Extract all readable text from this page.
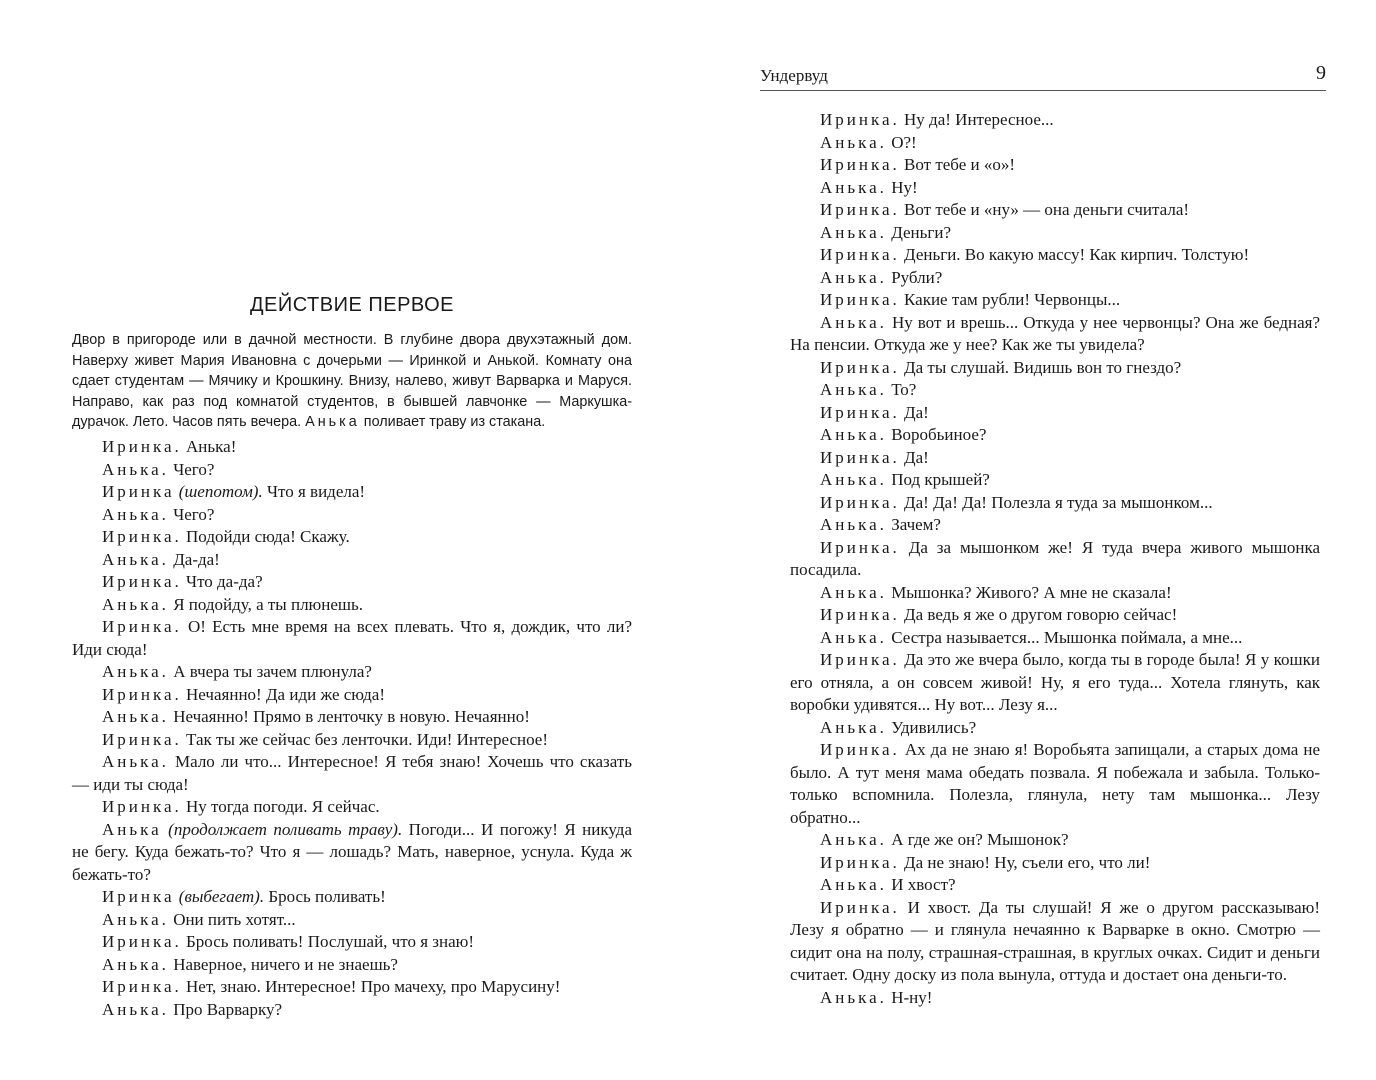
ДЕЙСТВИЕ ПЕРВОЕ
Двор в пригороде или в дачной местности. В глубине двора двухэтажный дом. Наверху живет Мария Ивановна с дочерьми — Иринкой и Анькой. Комнату она сдает студентам — Мячику и Крошкину. Внизу, налево, живут Варварка и Маруся. Направо, как раз под комнатой студентов, в бывшей лавчонке — Маркушка-дурачок. Лето. Часов пять вечера. Анька поливает траву из стакана.
Иринка. Анька!
Анька. Чего?
Иринка (шепотом). Что я видела!
Анька. Чего?
Иринка. Подойди сюда! Скажу.
Анька. Да-да!
Иринка. Что да-да?
Анька. Я подойду, а ты плюнешь.
Иринка. О! Есть мне время на всех плевать. Что я, дождик, что ли? Иди сюда!
Анька. А вчера ты зачем плюнула?
Иринка. Нечаянно! Да иди же сюда!
Анька. Нечаянно! Прямо в ленточку в новую. Нечаянно!
Иринка. Так ты же сейчас без ленточки. Иди! Интересное!
Анька. Мало ли что... Интересное! Я тебя знаю! Хочешь что сказать — иди ты сюда!
Иринка. Ну тогда погоди. Я сейчас.
Анька (продолжает поливать траву). Погоди... И погожу! Я никуда не бегу. Куда бежать-то? Что я — лошадь? Мать, наверное, уснула. Куда ж бежать-то?
Иринка (выбегает). Брось поливать!
Анька. Они пить хотят...
Иринка. Брось поливать! Послушай, что я знаю!
Анька. Наверное, ничего и не знаешь?
Иринка. Нет, знаю. Интересное! Про мачеху, про Марусину!
Анька. Про Варварку?
Ундервуд	9
Иринка. Ну да! Интересное...
Анька. О?!
Иринка. Вот тебе и «о»!
Анька. Ну!
Иринка. Вот тебе и «ну» — она деньги считала!
Анька. Деньги?
Иринка. Деньги. Во какую массу! Как кирпич. Толстую!
Анька. Рубли?
Иринка. Какие там рубли! Червонцы...
Анька. Ну вот и врешь... Откуда у нее червонцы? Она же бедная? На пенсии. Откуда же у нее? Как же ты увидела?
Иринка. Да ты слушай. Видишь вон то гнездо?
Анька. То?
Иринка. Да!
Анька. Воробьиное?
Иринка. Да!
Анька. Под крышей?
Иринка. Да! Да! Да! Полезла я туда за мышонком...
Анька. Зачем?
Иринка. Да за мышонком же! Я туда вчера живого мышонка посадила.
Анька. Мышонка? Живого? А мне не сказала!
Иринка. Да ведь я же о другом говорю сейчас!
Анька. Сестра называется... Мышонка поймала, а мне...
Иринка. Да это же вчера было, когда ты в городе была! Я у кошки его отняла, а он совсем живой! Ну, я его туда... Хотела глянуть, как воробки удивятся... Ну вот... Лезу я...
Анька. Удивились?
Иринка. Ах да не знаю я! Воробьята запищали, а старых дома не было. А тут меня мама обедать позвала. Я побежала и забыла. Только-только вспомнила. Полезла, глянула, нету там мышонка... Лезу обратно...
Анька. А где же он? Мышонок?
Иринка. Да не знаю! Ну, съели его, что ли!
Анька. И хвост?
Иринка. И хвост. Да ты слушай! Я же о другом рассказываю! Лезу я обратно — и глянула нечаянно к Варварке в окно. Смотрю — сидит она на полу, страшная-страшная, в круглых очках. Сидит и деньги считает. Одну доску из пола вынула, оттуда и достает она деньги-то.
Анька. Н-ну!
